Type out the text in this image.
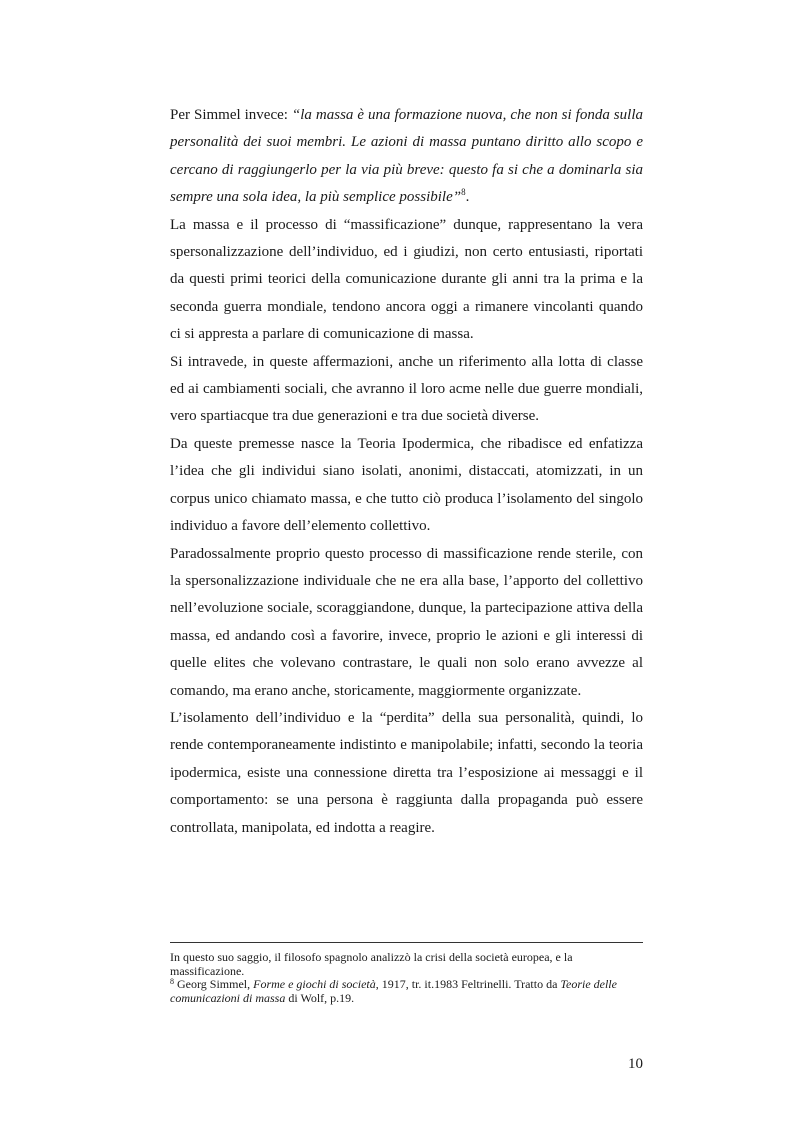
Per Simmel invece: “la massa è una formazione nuova, che non si fonda sulla personalità dei suoi membri. Le azioni di massa puntano diritto allo scopo e cercano di raggiungerlo per la via più breve: questo fa si che a dominarla sia sempre una sola idea, la più semplice possibile”$^8$.

La massa e il processo di “massificazione” dunque, rappresentano la vera spersonalizzazione dell’individuo, ed i giudizi, non certo entusiasti, riportati da questi primi teorici della comunicazione durante gli anni tra la prima e la seconda guerra mondiale, tendono ancora oggi a rimanere vincolanti quando ci si appresta a parlare di comunicazione di massa.

Si intravede, in queste affermazioni, anche un riferimento alla lotta di classe ed ai cambiamenti sociali, che avranno il loro acme nelle due guerre mondiali, vero spartiacque tra due generazioni e tra due società diverse.

Da queste premesse nasce la Teoria Ipodermica, che ribadisce ed enfatizza l’idea che gli individui siano isolati, anonimi, distaccati, atomizzati, in un corpus unico chiamato massa, e che tutto ciò produca l’isolamento del singolo individuo a favore dell’elemento collettivo.

Paradossalmente proprio questo processo di massificazione rende sterile, con la spersonalizzazione individuale che ne era alla base, l’apporto del collettivo nell’evoluzione sociale, scoraggiandone, dunque, la partecipazione attiva della massa, ed andando così a favorire, invece, proprio le azioni e gli interessi di quelle elites che volevano contrastare, le quali non solo erano avvezze al comando, ma erano anche, storicamente, maggiormente organizzate.

L’isolamento dell’individuo e la “perdita” della sua personalità, quindi, lo rende contemporaneamente indistinto e manipolabile; infatti, secondo la teoria ipodermica, esiste una connessione diretta tra l’esposizione ai messaggi e il comportamento: se una persona è raggiunta dalla propaganda può essere controllata, manipolata, ed indotta a reagire.

In questo suo saggio, il filosofo spagnolo analizzò la crisi della società europea, e la massificazione.

$^8$ Georg Simmel, Forme e giochi di società, 1917, tr. it.1983 Feltrinelli. Tratto da Teorie delle comunicazioni di massa di Wolf, p.19.

10
